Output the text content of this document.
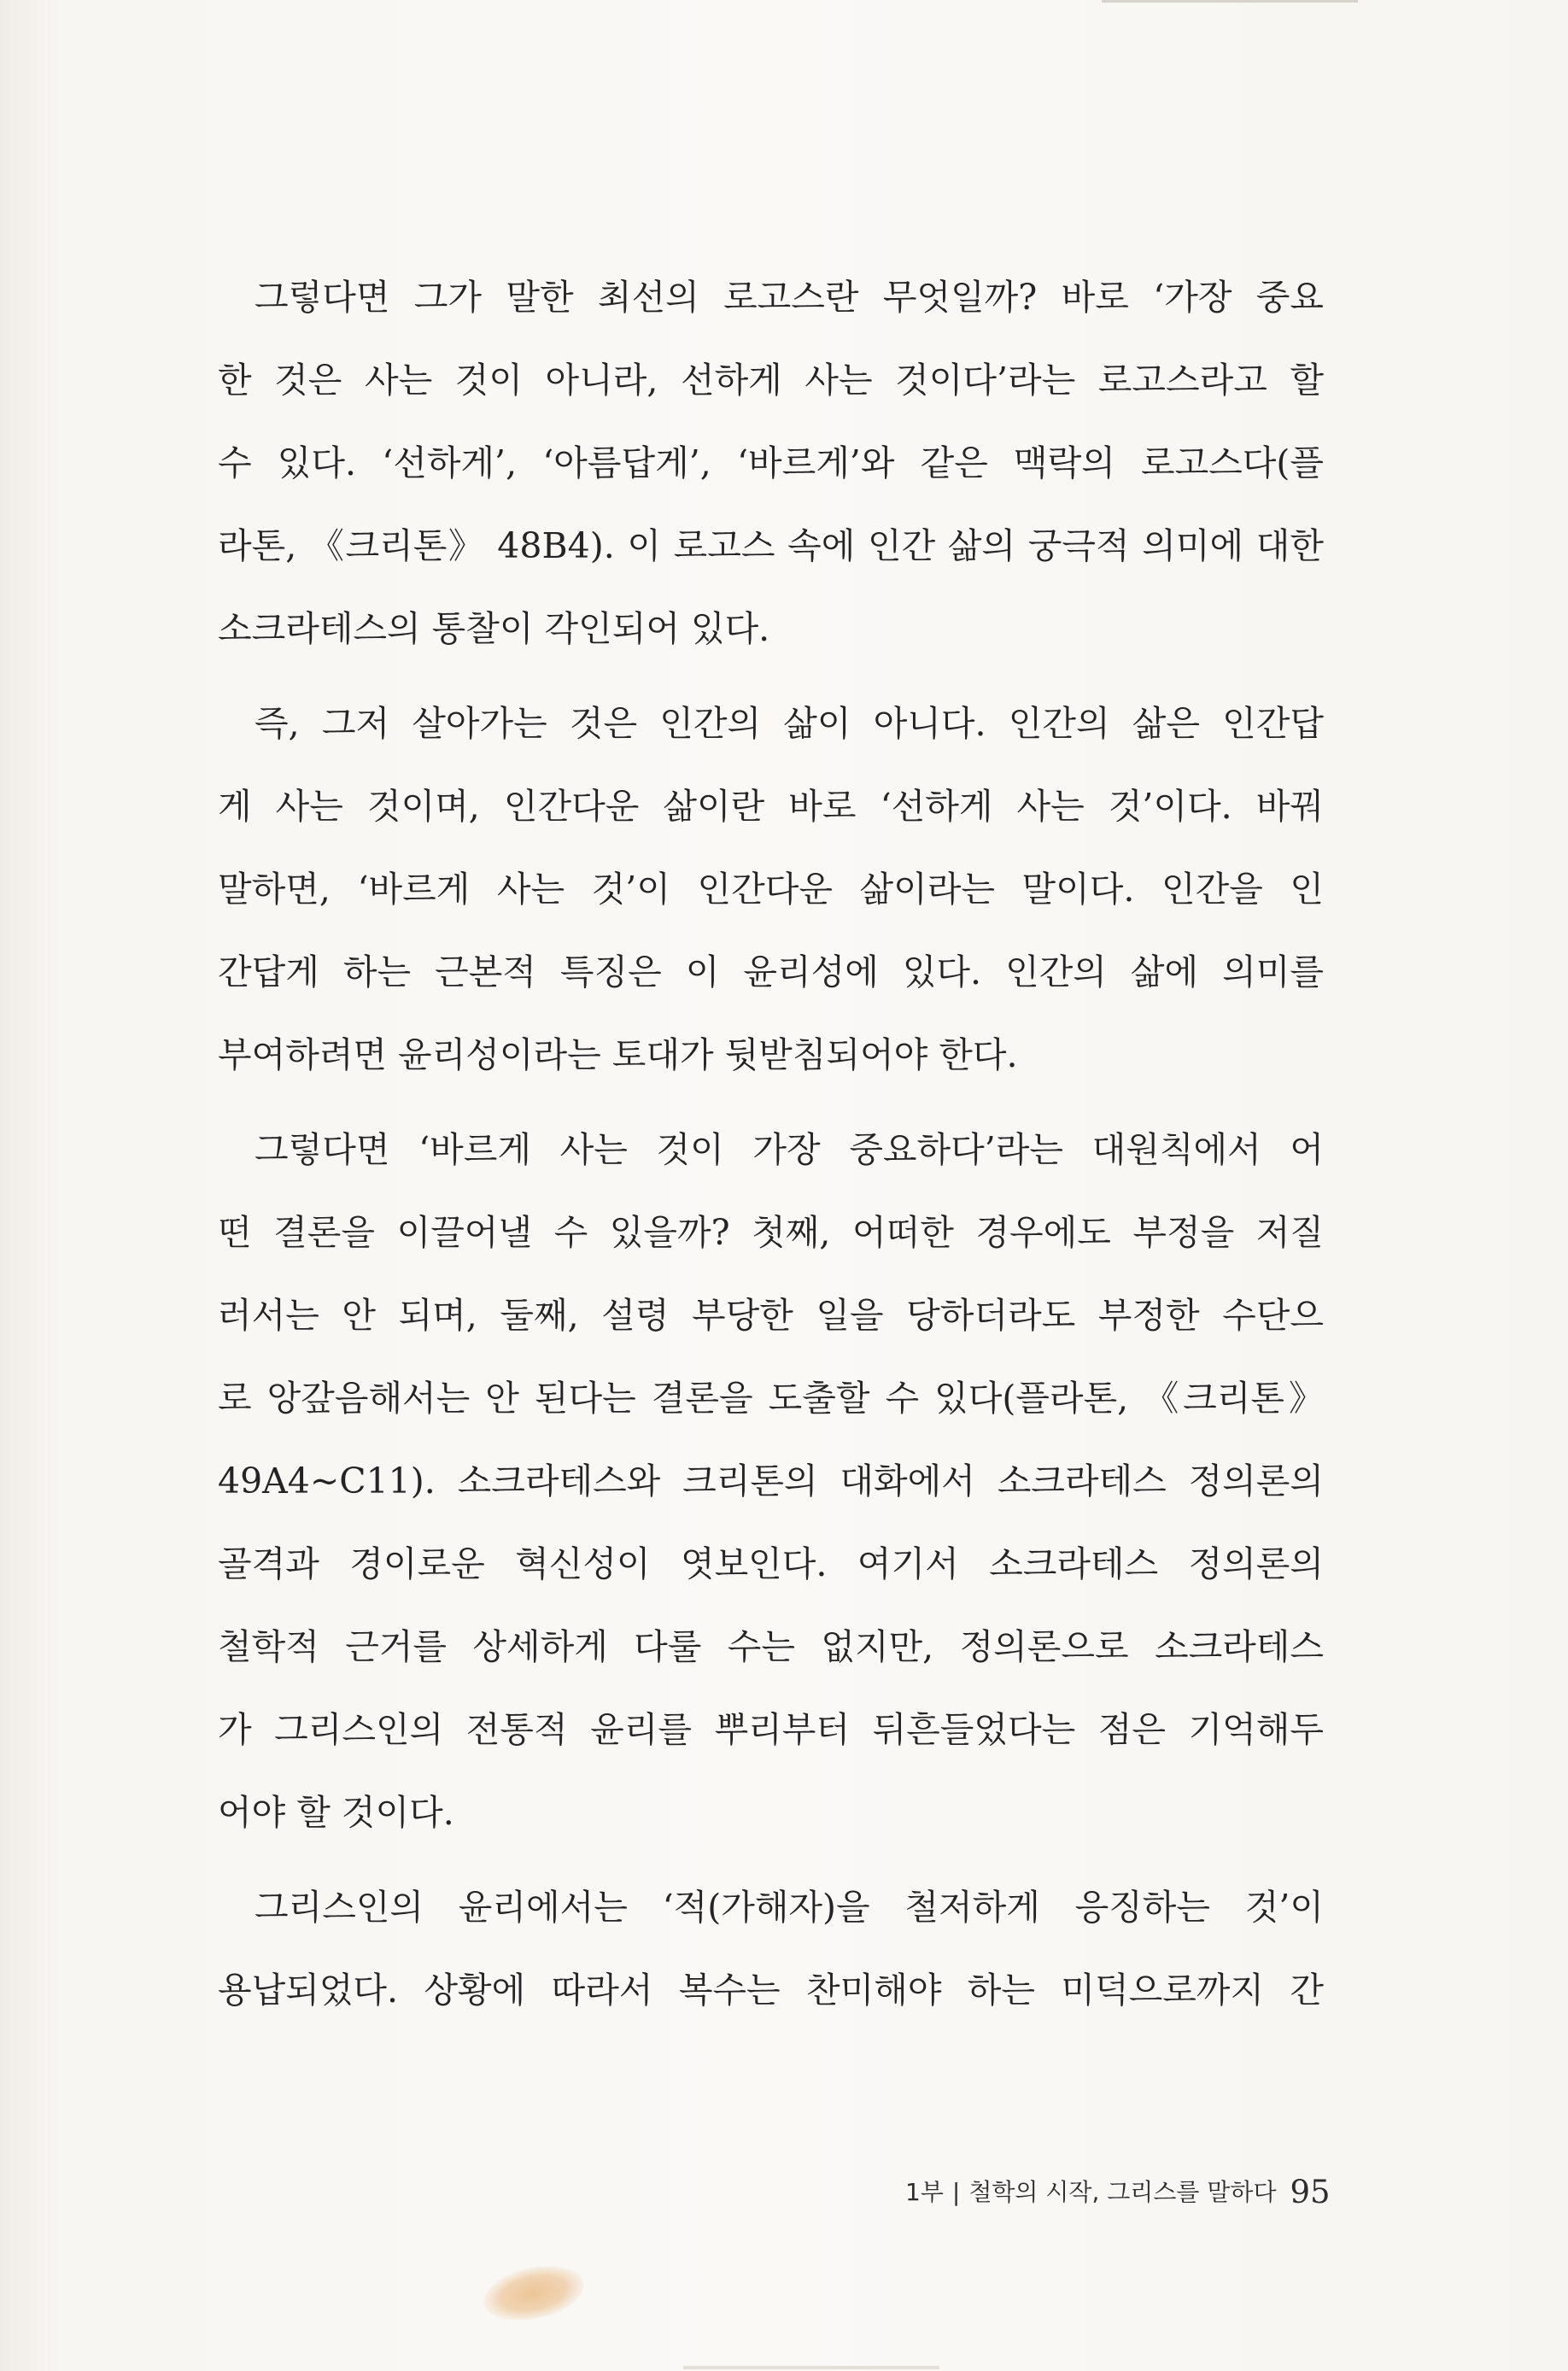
그렇다면 그가 말한 최선의 로고스란 무엇일까? 바로 ‘가장 중요
한 것은 사는 것이 아니라, 선하게 사는 것이다’라는 로고스라고 할
수 있다. ‘선하게’, ‘아름답게’, ‘바르게’와 같은 맥락의 로고스다(플
라톤, 《크리톤》 48B4). 이 로고스 속에 인간 삶의 궁극적 의미에 대한
소크라테스의 통찰이 각인되어 있다.

즉, 그저 살아가는 것은 인간의 삶이 아니다. 인간의 삶은 인간답
게 사는 것이며, 인간다운 삶이란 바로 ‘선하게 사는 것’이다. 바꿔
말하면, ‘바르게 사는 것’이 인간다운 삶이라는 말이다. 인간을 인
간답게 하는 근본적 특징은 이 윤리성에 있다. 인간의 삶에 의미를
부여하려면 윤리성이라는 토대가 뒷받침되어야 한다.

그렇다면 ‘바르게 사는 것이 가장 중요하다’라는 대원칙에서 어
떤 결론을 이끌어낼 수 있을까? 첫째, 어떠한 경우에도 부정을 저질
러서는 안 되며, 둘째, 설령 부당한 일을 당하더라도 부정한 수단으
로 앙갚음해서는 안 된다는 결론을 도출할 수 있다(플라톤, 《크리톤》
49A4~C11). 소크라테스와 크리톤의 대화에서 소크라테스 정의론의
골격과 경이로운 혁신성이 엿보인다. 여기서 소크라테스 정의론의
철학적 근거를 상세하게 다룰 수는 없지만, 정의론으로 소크라테스
가 그리스인의 전통적 윤리를 뿌리부터 뒤흔들었다는 점은 기억해두
어야 할 것이다.

그리스인의 윤리에서는 ‘적(가해자)을 철저하게 응징하는 것’이
용납되었다. 상황에 따라서 복수는 찬미해야 하는 미덕으로까지 간

1부 | 철학의 시작, 그리스를 말하다 95
